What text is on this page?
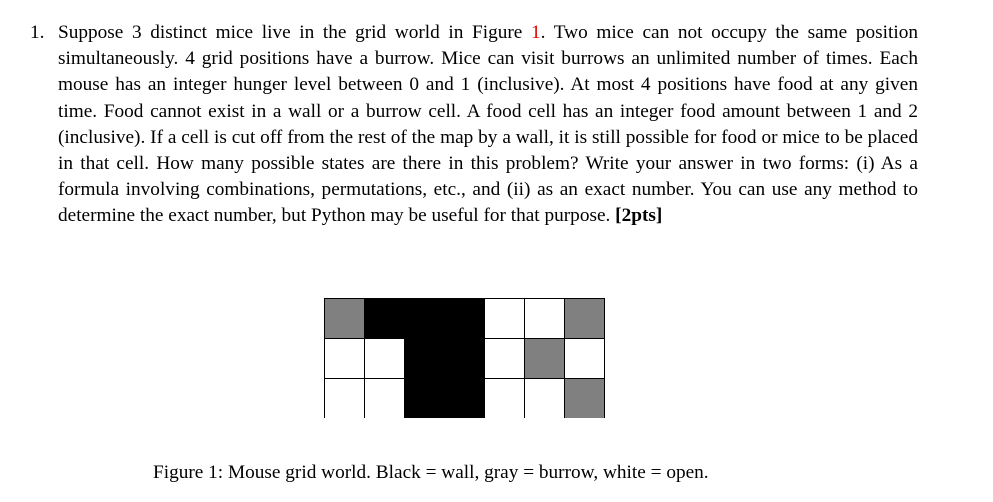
1. Suppose 3 distinct mice live in the grid world in Figure 1. Two mice can not occupy the same position simultaneously. 4 grid positions have a burrow. Mice can visit burrows an unlimited number of times. Each mouse has an integer hunger level between 0 and 1 (inclusive). At most 4 positions have food at any given time. Food cannot exist in a wall or a burrow cell. A food cell has an integer food amount between 1 and 2 (inclusive). If a cell is cut off from the rest of the map by a wall, it is still possible for food or mice to be placed in that cell. How many possible states are there in this problem? Write your answer in two forms: (i) As a formula involving combinations, permutations, etc., and (ii) as an exact number. You can use any method to determine the exact number, but Python may be useful for that purpose. [2pts]
Figure 1: Mouse grid world. Black = wall, gray = burrow, white = open.
